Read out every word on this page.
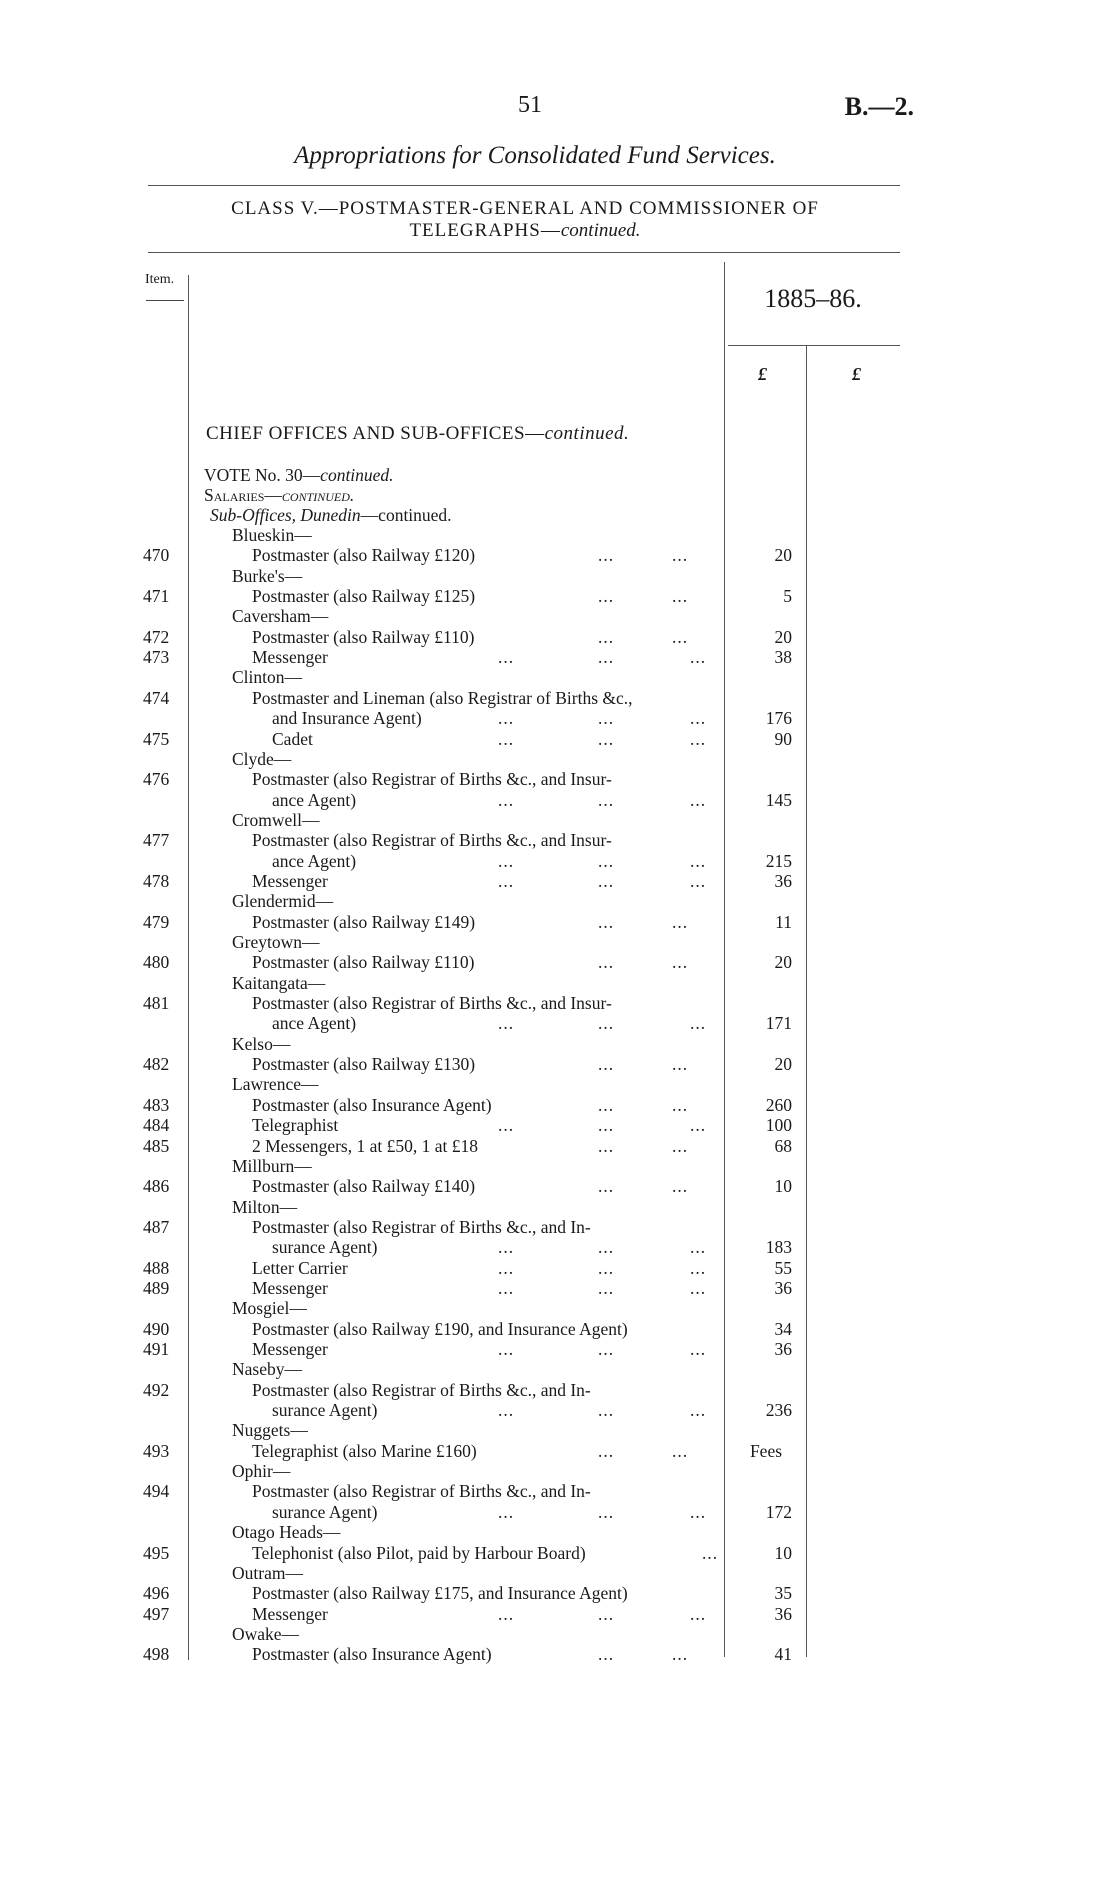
51	B.—2.
Appropriations for Consolidated Fund Services.
CLASS V.—POSTMASTER-GENERAL AND COMMISSIONER OF
TELEGRAPHS—continued.
Item.
1885–86.
£	£
CHIEF OFFICES AND SUB-OFFICES—continued.
VOTE No. 30—continued.
Salaries—continued.
Sub-Offices, Dunedin—continued.
Blueskin—
470	Postmaster (also Railway £120)	...	...	20
Burke's—
471	Postmaster (also Railway £125)	...	...	5
Caversham—
472	Postmaster (also Railway £110)	...	...	20
473	Messenger	...	...	...	38
Clinton—
474	Postmaster and Lineman (also Registrar of Births &c.,
and Insurance Agent)	...	...	...	176
475	Cadet	...	...	...	90
Clyde—
476	Postmaster (also Registrar of Births &c., and Insur-
ance Agent)	...	...	...	145
Cromwell—
477	Postmaster (also Registrar of Births &c., and Insur-
ance Agent)	...	...	...	215
478	Messenger	...	...	...	36
Glendermid—
479	Postmaster (also Railway £149)	...	...	11
Greytown—
480	Postmaster (also Railway £110)	...	...	20
Kaitangata—
481	Postmaster (also Registrar of Births &c., and Insur-
ance Agent)	...	...	...	171
Kelso—
482	Postmaster (also Railway £130)	...	...	20
Lawrence—
483	Postmaster (also Insurance Agent)	...	...	260
484	Telegraphist	...	...	...	100
485	2 Messengers, 1 at £50, 1 at £18	...	...	68
Millburn—
486	Postmaster (also Railway £140)	...	...	10
Milton—
487	Postmaster (also Registrar of Births &c., and In-
surance Agent)	...	...	...	183
488	Letter Carrier	...	...	...	55
489	Messenger	...	...	...	36
Mosgiel—
490	Postmaster (also Railway £190, and Insurance Agent)	34
491	Messenger	...	...	...	36
Naseby—
492	Postmaster (also Registrar of Births &c., and In-
surance Agent)	...	...	...	236
Nuggets—
493	Telegraphist (also Marine £160)	...	...	Fees
Ophir—
494	Postmaster (also Registrar of Births &c., and In-
surance Agent)	...	...	...	172
Otago Heads—
495	Telephonist (also Pilot, paid by Harbour Board)	...	10
Outram—
496	Postmaster (also Railway £175, and Insurance Agent)	35
497	Messenger	...	...	...	36
Owake—
498	Postmaster (also Insurance Agent)	...	...	41
